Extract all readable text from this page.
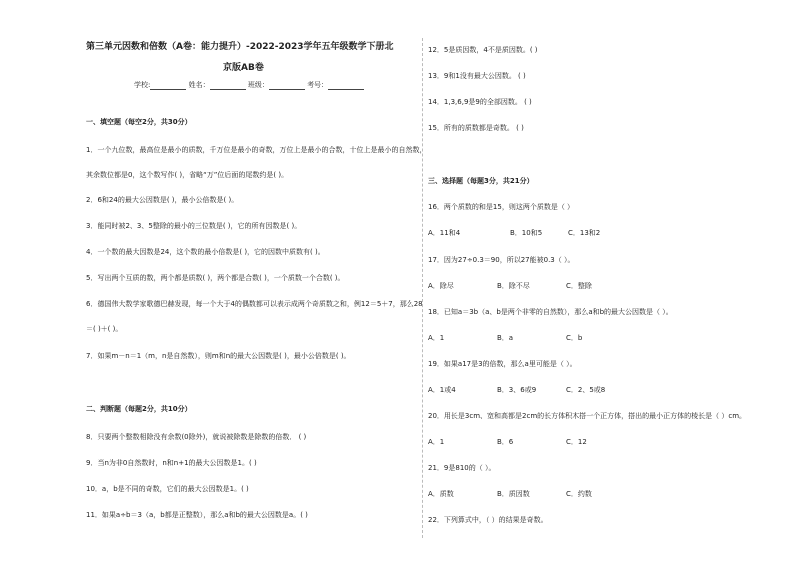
第三单元因数和倍数（A卷：能力提升）-2022-2023学年五年级数学下册北
京版AB卷
学校:	姓名：	班级：	考号：
一、填空题（每空2分，共30分）
1．一个九位数，最高位是最小的质数，千万位是最小的奇数，万位上是最小的合数，十位上是最小的自然数，
其余数位都是0，这个数写作( )，省略“万”位后面的尾数约是( )。
2．6和24的最大公因数是( )，最小公倍数是( )。
3．能同时被2、3、5整除的最小的三位数是( )，它的所有因数是( )。
4．一个数的最大因数是24，这个数的最小倍数是( )，它的因数中质数有( )。
5．写出两个互质的数，两个都是质数( )，两个都是合数( )，一个质数一个合数( )。
6．德国伟大数学家歌德巴赫发现，每一个大于4的偶数都可以表示成两个奇质数之和，例12＝5＋7，那么28
＝( )＋( )。
7．如果m－n＝1（m，n是自然数），则m和n的最大公因数是( )，最小公倍数是( )。
二、判断题（每题2分，共10分）
8．只要两个整数相除没有余数(0除外)，就说被除数是除数的倍数． ( )
9．当n为非0自然数时，n和n+1的最大公因数是1。( )
10．a，b是不同的奇数，它们的最大公因数是1。( )
11．如果a÷b＝3（a，b都是正整数），那么a和b的最大公因数是a。( )
12．5是质因数，4不是质因数。( )
13．9和1没有最大公因数。 ( )
14．1,3,6,9是9的全部因数。 ( )
15．所有的质数都是奇数。 ( )
三、选择题（每题3分，共21分）
16．两个质数的和是15，则这两个质数是（ ）
A．11和4	B．10和5	C．13和2
17．因为27÷0.3＝90，所以27能被0.3（ ）。
A．除尽	B．除不尽	C．整除
18．已知a＝3b（a、b是两个非零的自然数），那么a和b的最大公因数是（ ）。
A．1	B．a	C．b
19．如果a17是3的倍数，那么a里可能是（ ）。
A．1或4	B．3、6或9	C．2、5或8
20．用长是3cm、宽和高都是2cm的长方体积木搭一个正方体，搭出的最小正方体的棱长是（ ）cm。
A．1	B．6	C．12
21．9是810的（ ）。
A．质数	B．质因数	C．约数
22．下列算式中，（ ）的结果是奇数。
